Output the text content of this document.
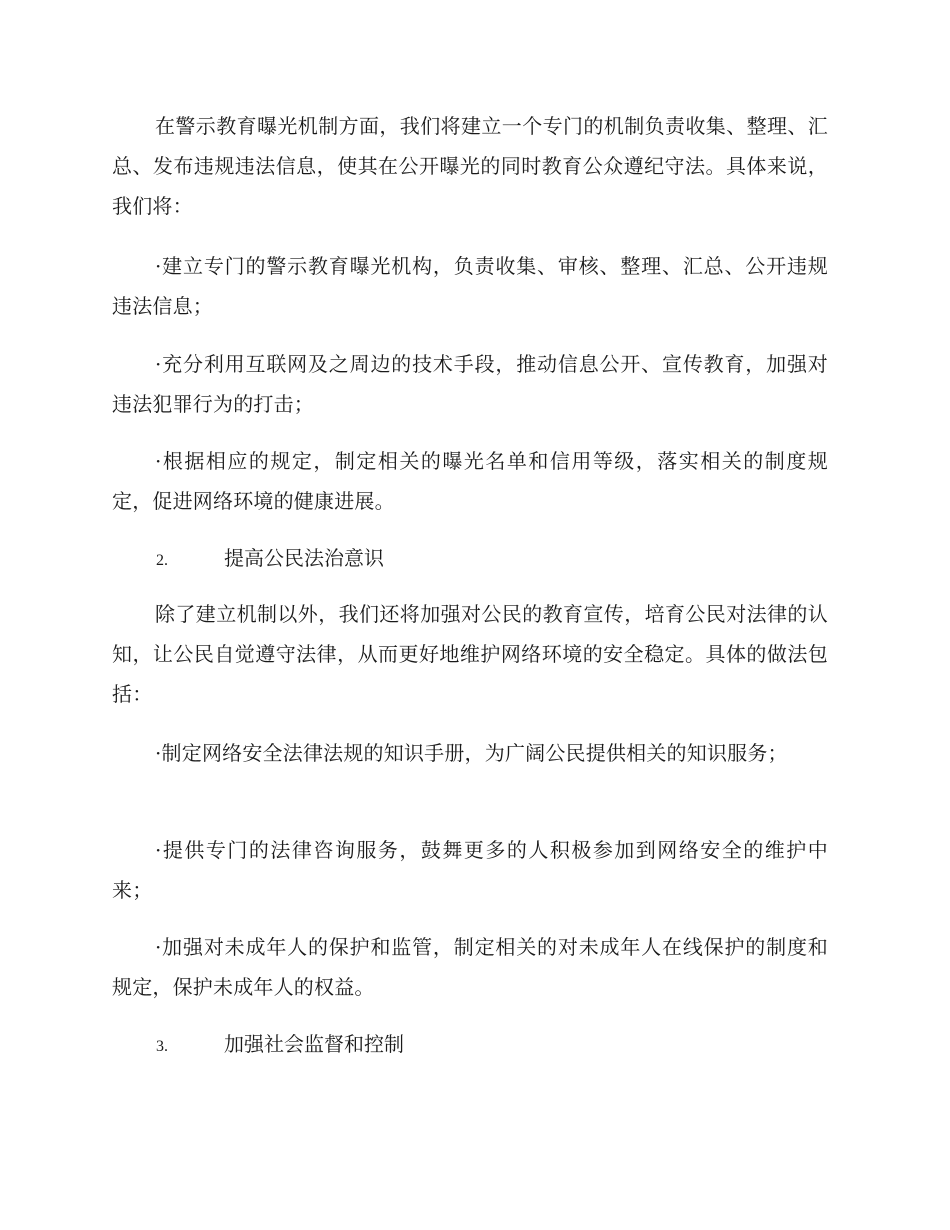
在警示教育曝光机制方面，我们将建立一个专门的机制负责收集、整理、汇总、发布违规违法信息，使其在公开曝光的同时教育公众遵纪守法。具体来说，我们将：

·建立专门的警示教育曝光机构，负责收集、审核、整理、汇总、公开违规违法信息；

·充分利用互联网及之周边的技术手段，推动信息公开、宣传教育，加强对违法犯罪行为的打击；

·根据相应的规定，制定相关的曝光名单和信用等级，落实相关的制度规定，促进网络环境的健康进展。

2.	提高公民法治意识

除了建立机制以外，我们还将加强对公民的教育宣传，培育公民对法律的认知，让公民自觉遵守法律，从而更好地维护网络环境的安全稳定。具体的做法包括：

·制定网络安全法律法规的知识手册，为广阔公民提供相关的知识服务；

·提供专门的法律咨询服务，鼓舞更多的人积极参加到网络安全的维护中来；

·加强对未成年人的保护和监管，制定相关的对未成年人在线保护的制度和规定，保护未成年人的权益。

3.	加强社会监督和控制
